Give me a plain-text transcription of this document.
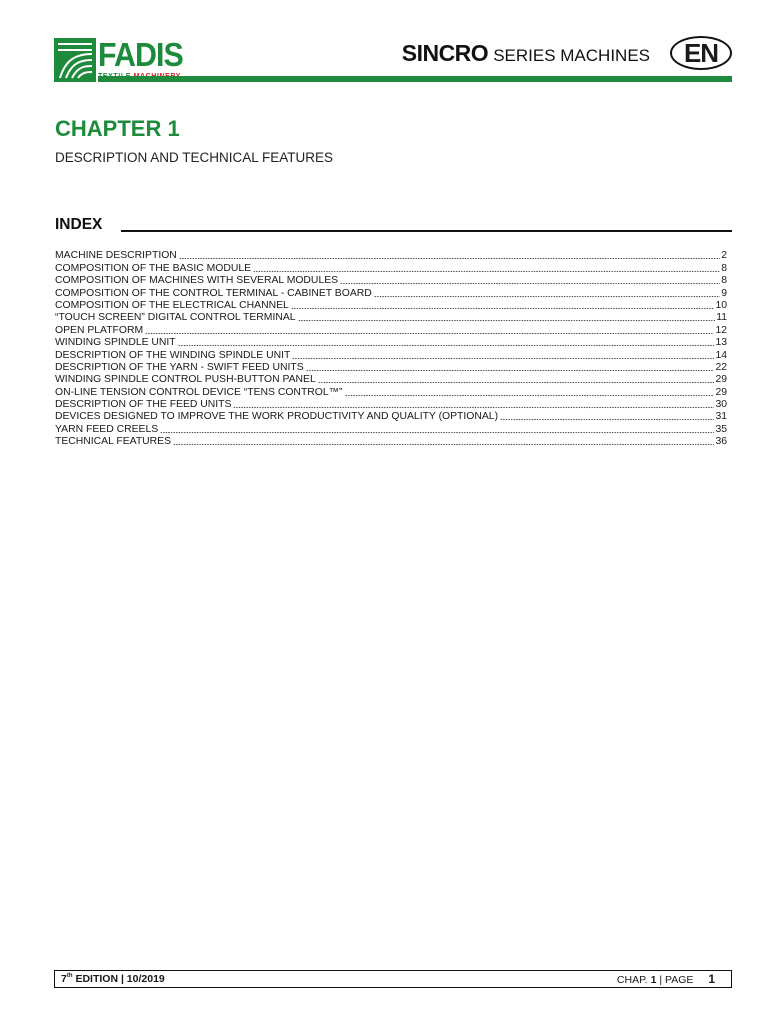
FADIS	SINCRO SERIES MACHINES	EN
CHAPTER 1
DESCRIPTION AND TECHNICAL FEATURES
INDEX
MACHINE DESCRIPTION	2
COMPOSITION OF THE BASIC MODULE	8
COMPOSITION OF MACHINES WITH SEVERAL MODULES	8
COMPOSITION OF THE CONTROL TERMINAL - CABINET BOARD	9
COMPOSITION OF THE ELECTRICAL CHANNEL	10
“TOUCH SCREEN” DIGITAL CONTROL TERMINAL	11
OPEN PLATFORM	12
WINDING SPINDLE UNIT	13
DESCRIPTION OF THE WINDING SPINDLE UNIT	14
DESCRIPTION OF THE YARN - SWIFT FEED UNITS	22
WINDING SPINDLE CONTROL PUSH-BUTTON PANEL	29
ON-LINE TENSION CONTROL DEVICE “TENS CONTROL™”	29
DESCRIPTION OF THE FEED UNITS	30
DEVICES DESIGNED TO IMPROVE THE WORK PRODUCTIVITY AND QUALITY (OPTIONAL)	31
YARN FEED CREELS	35
TECHNICAL FEATURES	36
7th EDITION | 10/2019	CHAP. 1 | PAGE 1
